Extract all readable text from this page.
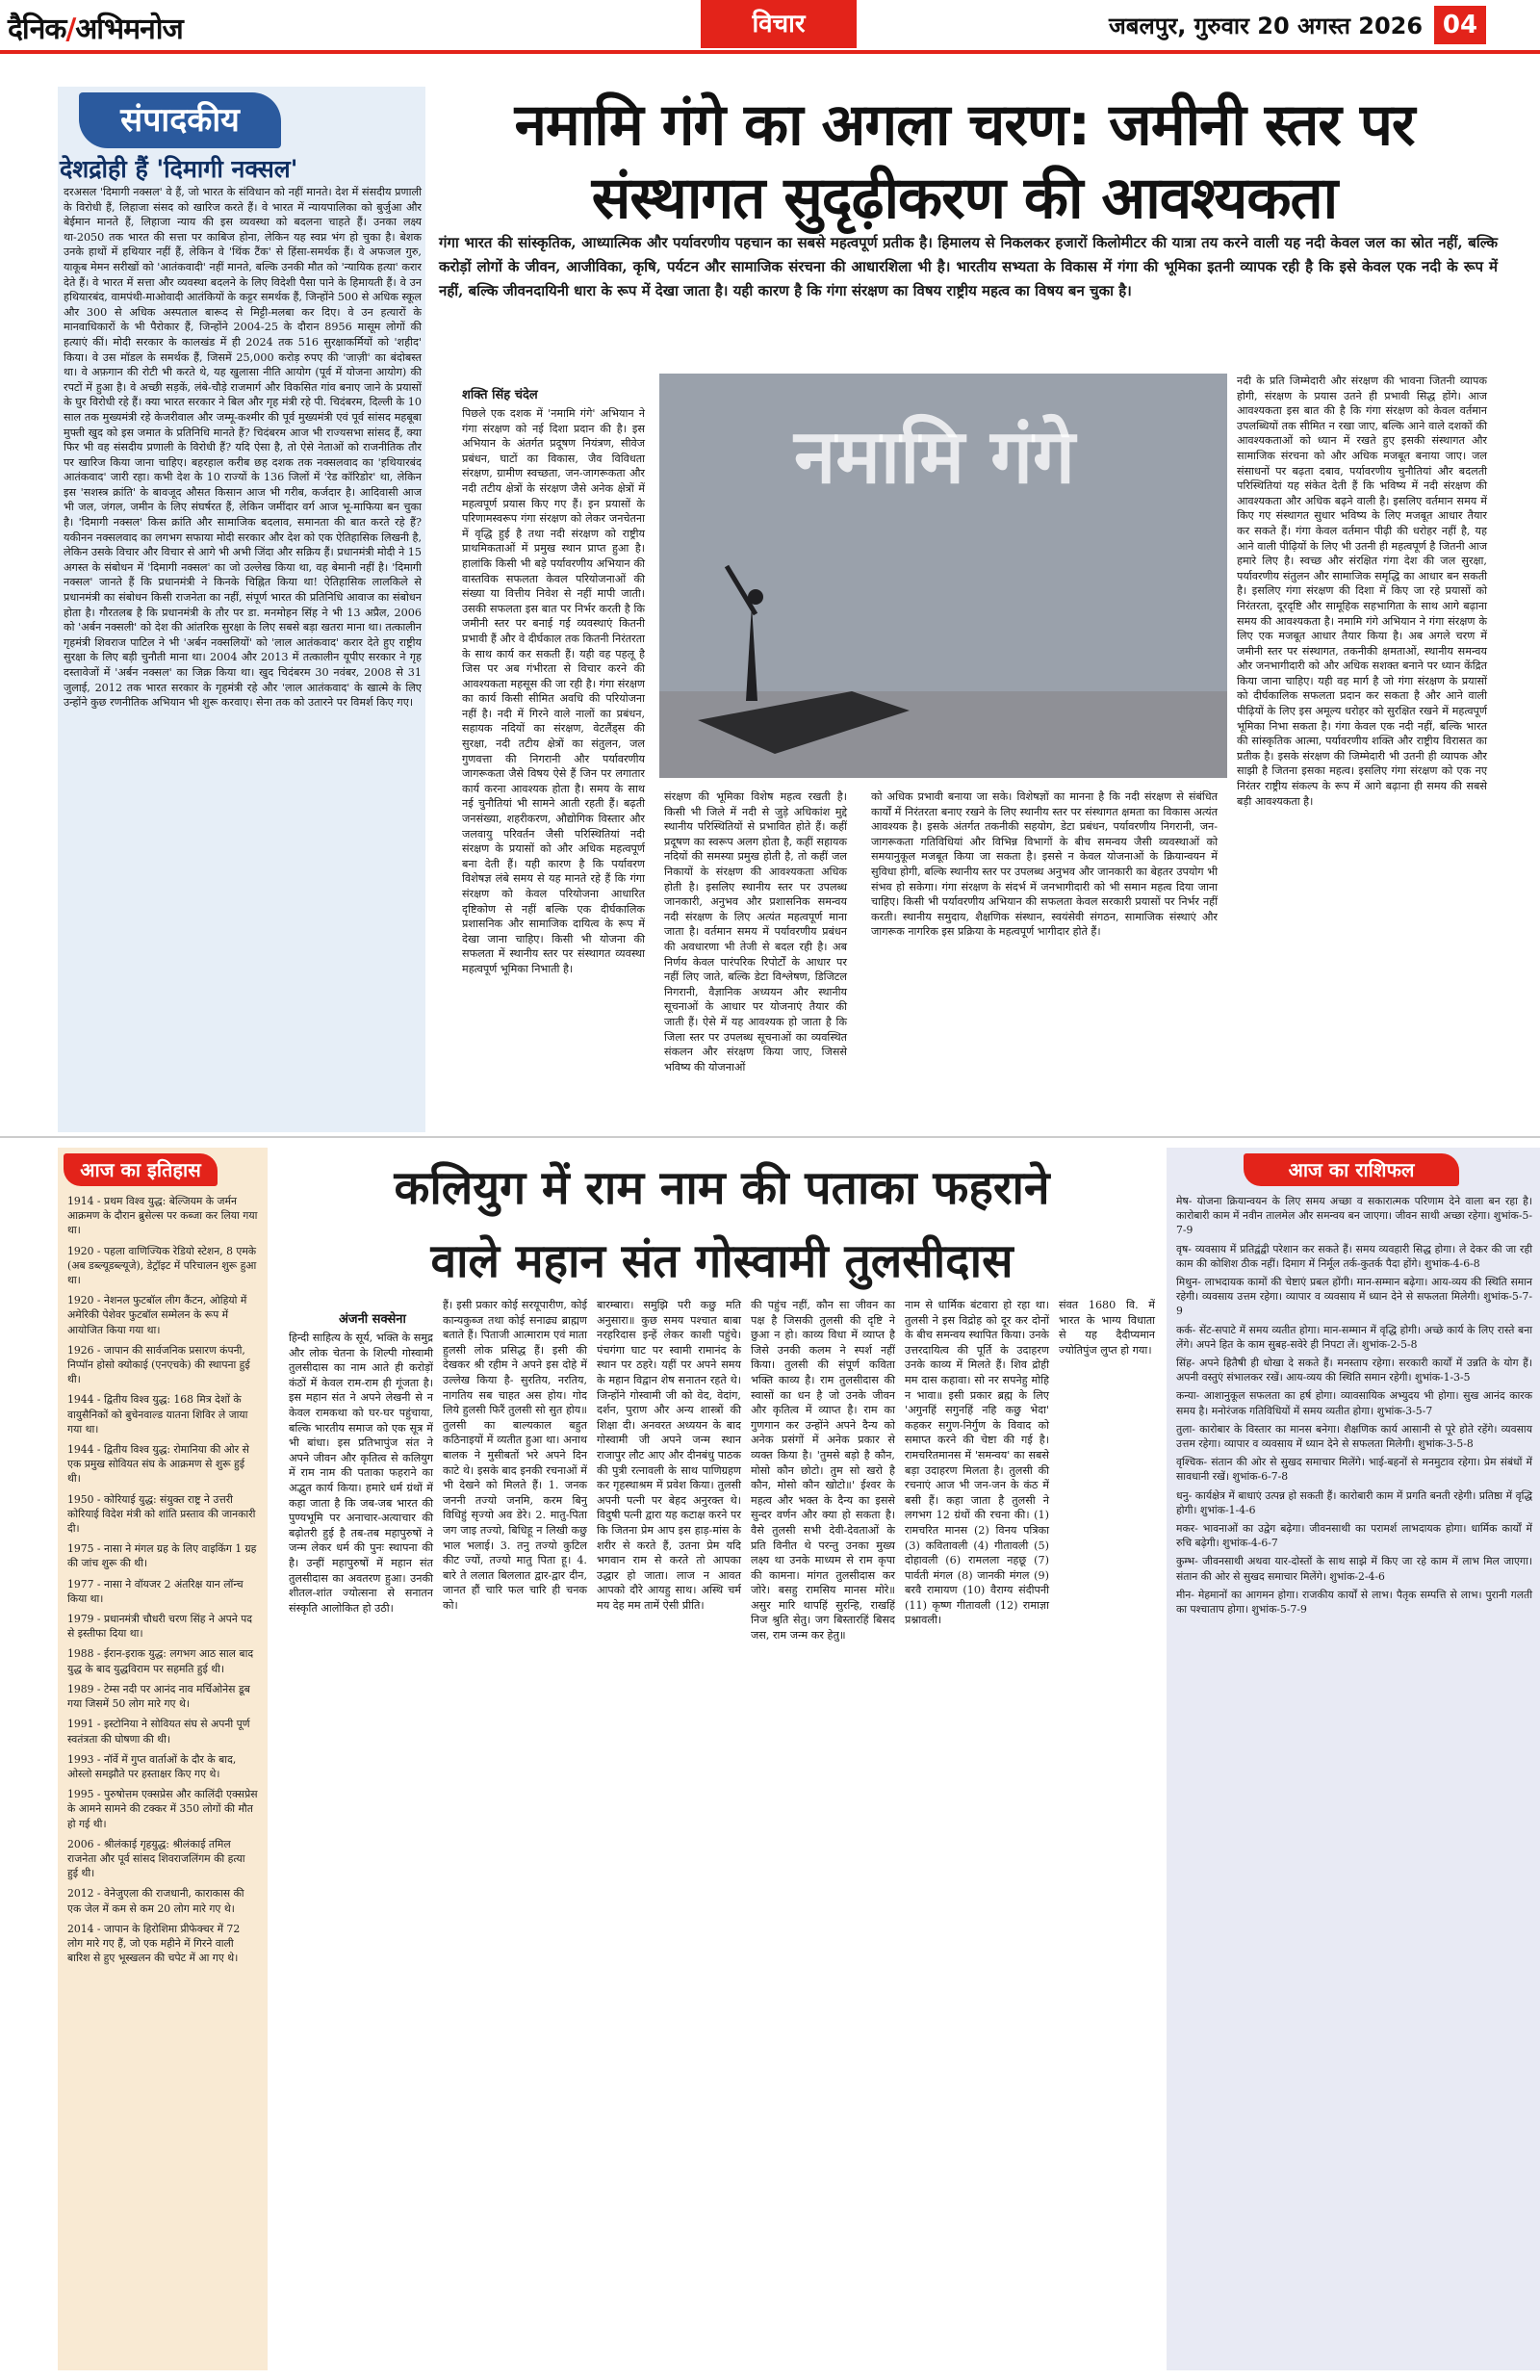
दैनिक/अभिमनोज	विचार	जबलपुर, गुरुवार 20 अगस्त 2026 04
संपादकीय
देशद्रोही हैं 'दिमागी नक्सल'

दरअसल 'दिमागी नक्सल' वे हैं, जो भारत के संविधान को नहीं मानते। देश में संसदीय प्रणाली के विरोधी हैं, लिहाजा संसद को खारिज करते हैं। वे भारत में न्यायपालिका को बुर्जुआ और बेईमान मानते हैं, लिहाजा न्याय की इस व्यवस्था को बदलना चाहते हैं। उनका लक्ष्य था-2050 तक भारत की सत्ता पर काबिज होना, लेकिन यह स्वप्न भंग हो चुका है। बेशक उनके हाथों में हथियार नहीं हैं, लेकिन वे 'थिंक टैंक' से हिंसा-समर्थक हैं। वे अफजल गुरु, याकूब मेमन सरीखों को 'आतंकवादी' नहीं मानते, बल्कि उनकी मौत को 'न्यायिक हत्या' करार देते हैं। वे भारत में सत्ता और व्यवस्था बदलने के लिए विदेशी पैसा पाने के हिमायती हैं। वे उन हथियारबंद, वामपंथी-माओवादी आतंकियों के कट्टर समर्थक हैं, जिन्होंने 500 से अधिक स्कूल और 300 से अधिक अस्पताल बारूद से मिट्टी-मलबा कर दिए। वे उन हत्यारों के मानवाधिकारों के भी पैरोकार हैं, जिन्होंने 2004-25 के दौरान 8956 मासूम लोगों की हत्याएं कीं। मोदी सरकार के कालखंड में ही 2024 तक 516 सुरक्षाकर्मियों को 'शहीद' किया। वे उस मॉडल के समर्थक हैं, जिसमें 25,000 करोड़ रुपए की 'जाज़ी' का बंदोबस्त था। वे अफ़गान की रोटी भी करते थे, यह खुलासा नीति आयोग (पूर्व में योजना आयोग) की रपटों में हुआ है। वे अच्छी सड़कें, लंबे-चौड़े राजमार्ग और विकसित गांव बनाए जाने के प्रयासों के घुर विरोधी रहे हैं। क्या भारत सरकार ने बिल और गृह मंत्री रहे पी. चिदंबरम, दिल्ली के 10 साल तक मुख्यमंत्री रहे केजरीवाल और जम्मू-कश्मीर की पूर्व मुख्यमंत्री एवं पूर्व सांसद महबूबा मुफ्ती खुद को इस जमात के प्रतिनिधि मानते हैं? चिदंबरम आज भी राज्यसभा सांसद हैं, क्या फिर भी वह संसदीय प्रणाली के विरोधी हैं? यदि ऐसा है, तो ऐसे नेताओं को राजनीतिक तौर पर खारिज किया जाना चाहिए। बहरहाल करीब छह दशक तक नक्सलवाद का 'हथियारबंद आतंकवाद' जारी रहा। कभी देश के 10 राज्यों के 136 जिलों में 'रेड कॉरिडोर' था, लेकिन इस 'सशस्त्र क्रांति' के बावजूद औसत किसान आज भी गरीब, कर्जदार है। आदिवासी आज भी जल, जंगल, जमीन के लिए संघर्षरत हैं, लेकिन जमींदार वर्ग आज भू-माफिया बन चुका है। 'दिमागी नक्सल' किस क्रांति और सामाजिक बदलाव, समानता की बात करते रहे हैं? यकीनन नक्सलवाद का लगभग सफाया मोदी सरकार और देश को एक ऐतिहासिक लिखनी है, लेकिन उसके विचार और विचार से आगे भी अभी जिंदा और सक्रिय हैं। प्रधानमंत्री मोदी ने 15 अगस्त के संबोधन में 'दिमागी नक्सल' का जो उल्लेख किया था, वह बेमानी नहीं है। 'दिमागी नक्सल' जानते हैं कि प्रधानमंत्री ने किनके चिह्नित किया था! ऐतिहासिक लालकिले से प्रधानमंत्री का संबोधन किसी राजनेता का नहीं, संपूर्ण भारत की प्रतिनिधि आवाज का संबोधन होता है। गौरतलब है कि प्रधानमंत्री के तौर पर डा. मनमोहन सिंह ने भी 13 अप्रैल, 2006 को 'अर्बन नक्सली' को देश की आंतरिक सुरक्षा के लिए सबसे बड़ा खतरा माना था। तत्कालीन गृहमंत्री शिवराज पाटिल ने भी 'अर्बन नक्सलियों' को 'लाल आतंकवाद' करार देते हुए राष्ट्रीय सुरक्षा के लिए बड़ी चुनौती माना था। 2004 और 2013 में तत्कालीन यूपीए सरकार ने गृह दस्तावेजों में 'अर्बन नक्सल' का जिक्र किया था। खुद चिदंबरम 30 नवंबर, 2008 से 31 जुलाई, 2012 तक भारत सरकार के गृहमंत्री रहे और 'लाल आतंकवाद' के खात्मे के लिए उन्होंने कुछ रणनीतिक अभियान भी शुरू करवाए। सेना तक को उतारने पर विमर्श किए गए।

नमामि गंगे का अगला चरण: जमीनी स्तर पर
संस्थागत सुदृढ़ीकरण की आवश्यकता
गंगा भारत की सांस्कृतिक, आध्यात्मिक और पर्यावरणीय पहचान का सबसे महत्वपूर्ण प्रतीक है। हिमालय से निकलकर हजारों किलोमीटर की यात्रा तय करने वाली यह नदी केवल जल का स्रोत नहीं, बल्कि करोड़ों लोगों के जीवन, आजीविका, कृषि, पर्यटन और सामाजिक संरचना की आधारशिला भी है। भारतीय सभ्यता के विकास में गंगा की भूमिका इतनी व्यापक रही है कि इसे केवल एक नदी के रूप में नहीं, बल्कि जीवनदायिनी धारा के रूप में देखा जाता है। यही कारण है कि गंगा संरक्षण का विषय राष्ट्रीय महत्व का विषय बन चुका है।
शक्ति सिंह चंदेल

पिछले एक दशक में 'नमामि गंगे' अभियान ने गंगा संरक्षण को नई दिशा प्रदान की है। इस अभियान के अंतर्गत प्रदूषण नियंत्रण, सीवेज प्रबंधन, घाटों का विकास, जैव विविधता संरक्षण, ग्रामीण स्वच्छता, जन-जागरूकता और नदी तटीय क्षेत्रों के संरक्षण जैसे अनेक क्षेत्रों में महत्वपूर्ण प्रयास किए गए हैं। इन प्रयासों के परिणामस्वरूप गंगा संरक्षण को लेकर जनचेतना में वृद्धि हुई है तथा नदी संरक्षण को राष्ट्रीय प्राथमिकताओं में प्रमुख स्थान प्राप्त हुआ है। हालांकि किसी भी बड़े पर्यावरणीय अभियान की वास्तविक सफलता केवल परियोजनाओं की संख्या या वित्तीय निवेश से नहीं मापी जाती। उसकी सफलता इस बात पर निर्भर करती है कि जमीनी स्तर पर बनाई गई व्यवस्थाएं कितनी प्रभावी हैं और वे दीर्घकाल तक कितनी निरंतरता के साथ कार्य कर सकती हैं। यही वह पहलू है जिस पर अब गंभीरता से विचार करने की आवश्यकता महसूस की जा रही है। गंगा संरक्षण का कार्य किसी सीमित अवधि की परियोजना नहीं है। नदी में गिरने वाले नालों का प्रबंधन, सहायक नदियों का संरक्षण, वेटलैंड्स की सुरक्षा, नदी तटीय क्षेत्रों का संतुलन, जल गुणवत्ता की निगरानी और पर्यावरणीय जागरूकता जैसे विषय ऐसे हैं जिन पर लगातार कार्य करना आवश्यक होता है। समय के साथ नई चुनौतियां भी सामने आती रहती हैं। बढ़ती जनसंख्या, शहरीकरण, औद्योगिक विस्तार और जलवायु परिवर्तन जैसी परिस्थितियां नदी संरक्षण के प्रयासों को और अधिक महत्वपूर्ण बना देती हैं। यही कारण है कि पर्यावरण विशेषज्ञ लंबे समय से यह मानते रहे हैं कि गंगा संरक्षण को केवल परियोजना आधारित दृष्टिकोण से नहीं बल्कि एक दीर्घकालिक प्रशासनिक और सामाजिक दायित्व के रूप में देखा जाना चाहिए। किसी भी योजना की सफलता में स्थानीय स्तर पर संस्थागत व्यवस्था महत्वपूर्ण भूमिका निभाती है।

नमामि गंगे

संरक्षण की भूमिका विशेष महत्व रखती है। किसी भी जिले में नदी से जुड़े अधिकांश मुद्दे स्थानीय परिस्थितियों से प्रभावित होते हैं। कहीं प्रदूषण का स्वरूप अलग होता है, कहीं सहायक नदियों की समस्या प्रमुख होती है, तो कहीं जल निकायों के संरक्षण की आवश्यकता अधिक होती है। इसलिए स्थानीय स्तर पर उपलब्ध जानकारी, अनुभव और प्रशासनिक समन्वय नदी संरक्षण के लिए अत्यंत महत्वपूर्ण माना जाता है। वर्तमान समय में पर्यावरणीय प्रबंधन की अवधारणा भी तेजी से बदल रही है। अब निर्णय केवल पारंपरिक रिपोर्टों के आधार पर नहीं लिए जाते, बल्कि डेटा विश्लेषण, डिजिटल निगरानी, वैज्ञानिक अध्ययन और स्थानीय सूचनाओं के आधार पर योजनाएं तैयार की जाती हैं। ऐसे में यह आवश्यक हो जाता है कि जिला स्तर पर उपलब्ध सूचनाओं का व्यवस्थित संकलन और संरक्षण किया जाए, जिससे भविष्य की योजनाओं

को अधिक प्रभावी बनाया जा सके। विशेषज्ञों का मानना है कि नदी संरक्षण से संबंधित कार्यों में निरंतरता बनाए रखने के लिए स्थानीय स्तर पर संस्थागत क्षमता का विकास अत्यंत आवश्यक है। इसके अंतर्गत तकनीकी सहयोग, डेटा प्रबंधन, पर्यावरणीय निगरानी, जन-जागरूकता गतिविधियां और विभिन्न विभागों के बीच समन्वय जैसी व्यवस्थाओं को समयानुकूल मजबूत किया जा सकता है। इससे न केवल योजनाओं के क्रियान्वयन में सुविधा होगी, बल्कि स्थानीय स्तर पर उपलब्ध अनुभव और जानकारी का बेहतर उपयोग भी संभव हो सकेगा। गंगा संरक्षण के संदर्भ में जनभागीदारी को भी समान महत्व दिया जाना चाहिए। किसी भी पर्यावरणीय अभियान की सफलता केवल सरकारी प्रयासों पर निर्भर नहीं करती। स्थानीय समुदाय, शैक्षणिक संस्थान, स्वयंसेवी संगठन, सामाजिक संस्थाएं और जागरूक नागरिक इस प्रक्रिया के महत्वपूर्ण भागीदार होते हैं।

नदी के प्रति जिम्मेदारी और संरक्षण की भावना जितनी व्यापक होगी, संरक्षण के प्रयास उतने ही प्रभावी सिद्ध होंगे। आज आवश्यकता इस बात की है कि गंगा संरक्षण को केवल वर्तमान उपलब्धियों तक सीमित न रखा जाए, बल्कि आने वाले दशकों की आवश्यकताओं को ध्यान में रखते हुए इसकी संस्थागत और सामाजिक संरचना को और अधिक मजबूत बनाया जाए। जल संसाधनों पर बढ़ता दबाव, पर्यावरणीय चुनौतियां और बदलती परिस्थितियां यह संकेत देती हैं कि भविष्य में नदी संरक्षण की आवश्यकता और अधिक बढ़ने वाली है। इसलिए वर्तमान समय में किए गए संस्थागत सुधार भविष्य के लिए मजबूत आधार तैयार कर सकते हैं। गंगा केवल वर्तमान पीढ़ी की धरोहर नहीं है, यह आने वाली पीढ़ियों के लिए भी उतनी ही महत्वपूर्ण है जितनी आज हमारे लिए है। स्वच्छ और संरक्षित गंगा देश की जल सुरक्षा, पर्यावरणीय संतुलन और सामाजिक समृद्धि का आधार बन सकती है। इसलिए गंगा संरक्षण की दिशा में किए जा रहे प्रयासों को निरंतरता, दूरदृष्टि और सामूहिक सहभागिता के साथ आगे बढ़ाना समय की आवश्यकता है। नमामि गंगे अभियान ने गंगा संरक्षण के लिए एक मजबूत आधार तैयार किया है। अब अगले चरण में जमीनी स्तर पर संस्थागत, तकनीकी क्षमताओं, स्थानीय समन्वय और जनभागीदारी को और अधिक सशक्त बनाने पर ध्यान केंद्रित किया जाना चाहिए। यही वह मार्ग है जो गंगा संरक्षण के प्रयासों को दीर्घकालिक सफलता प्रदान कर सकता है और आने वाली पीढ़ियों के लिए इस अमूल्य धरोहर को सुरक्षित रखने में महत्वपूर्ण भूमिका निभा सकता है। गंगा केवल एक नदी नहीं, बल्कि भारत की सांस्कृतिक आत्मा, पर्यावरणीय शक्ति और राष्ट्रीय विरासत का प्रतीक है। इसके संरक्षण की जिम्मेदारी भी उतनी ही व्यापक और साझी है जितना इसका महत्व। इसलिए गंगा संरक्षण को एक नए निरंतर राष्ट्रीय संकल्प के रूप में आगे बढ़ाना ही समय की सबसे बड़ी आवश्यकता है।

आज का इतिहास

1914 - प्रथम विश्व युद्ध: बेल्जियम के जर्मन आक्रमण के दौरान ब्रुसेल्स पर कब्जा कर लिया गया था।

1920 - पहला वाणिज्यिक रेडियो स्टेशन, 8 एमके (अब डब्ल्यूडब्ल्यूजे), डेट्रॉइट में परिचालन शुरू हुआ था।

1920 - नेशनल फुटबॉल लीग कैंटन, ओहियो में अमेरिकी पेशेवर फुटबॉल सम्मेलन के रूप में आयोजित किया गया था।

1926 - जापान की सार्वजनिक प्रसारण कंपनी, निप्पॉन होसो क्योकाई (एनएचके) की स्थापना हुई थी।

1944 - द्वितीय विश्व युद्ध: 168 मित्र देशों के वायुसैनिकों को बुचेनवाल्ड यातना शिविर ले जाया गया था।

1944 - द्वितीय विश्व युद्ध: रोमानिया की ओर से एक प्रमुख सोवियत संघ के आक्रमण से शुरू हुई थी।

1950 - कोरियाई युद्ध: संयुक्त राष्ट्र ने उत्तरी कोरियाई विदेश मंत्री को शांति प्रस्ताव की जानकारी दी।

1975 - नासा ने मंगल ग्रह के लिए वाइकिंग 1 ग्रह की जांच शुरू की थी।

1977 - नासा ने वॉयजर 2 अंतरिक्ष यान लॉन्च किया था।

1979 - प्रधानमंत्री चौधरी चरण सिंह ने अपने पद से इस्तीफा दिया था।

1988 - ईरान-इराक युद्ध: लगभग आठ साल बाद युद्ध के बाद युद्धविराम पर सहमति हुई थी।

1989 - टेम्स नदी पर आनंद नाव मर्चिओनेस डूब गया जिसमें 50 लोग मारे गए थे।

1991 - इस्टोनिया ने सोवियत संघ से अपनी पूर्ण स्वतंत्रता की घोषणा की थी।

1993 - नॉर्वे में गुप्त वार्ताओं के दौर के बाद, ओस्लो समझौते पर हस्ताक्षर किए गए थे।

1995 - पुरुषोत्तम एक्सप्रेस और कालिंदी एक्सप्रेस के आमने सामने की टक्कर में 350 लोगों की मौत हो गई थी।

2006 - श्रीलंकाई गृहयुद्ध: श्रीलंकाई तमिल राजनेता और पूर्व सांसद शिवराजलिंगम की हत्या हुई थी।

2012 - वेनेजुएला की राजधानी, काराकास की एक जेल में कम से कम 20 लोग मारे गए थे।

2014 - जापान के हिरोशिमा प्रीफेक्चर में 72 लोग मारे गए हैं, जो एक महीने में गिरने वाली बारिश से हुए भूस्खलन की चपेट में आ गए थे।

कलियुग में राम नाम की पताका फहराने
वाले महान संत गोस्वामी तुलसीदास
अंजनी सक्सेना

हिन्दी साहित्य के सूर्य, भक्ति के समुद्र और लोक चेतना के शिल्पी गोस्वामी तुलसीदास का नाम आते ही करोड़ों कंठों में केवल राम-राम ही गूंजता है। इस महान संत ने अपने लेखनी से न केवल रामकथा को घर-घर पहुंचाया, बल्कि भारतीय समाज को एक सूत्र में भी बांधा। इस प्रतिभापुंज संत ने अपने जीवन और कृतित्व से कलियुग में राम नाम की पताका फहराने का अद्भुत कार्य किया। हमारे धर्म ग्रंथों में कहा जाता है कि जब-जब भारत की पुण्यभूमि पर अनाचार-अत्याचार की बढ़ोतरी हुई है तब-तब महापुरुषों ने जन्म लेकर धर्म की पुनः स्थापना की है। उन्हीं महापुरुषों में महान संत तुलसीदास का अवतरण हुआ। उनकी शीतल-शांत ज्योत्सना से सनातन संस्कृति आलोकित हो उठी।

हैं। इसी प्रकार कोई सरयूपारीण, कोई कान्यकुब्ज तथा कोई सनाढ्य ब्राह्मण बताते हैं। पिताजी आत्माराम एवं माता हुलसी लोक प्रसिद्ध हैं। इसी की देखकर श्री रहीम ने अपने इस दोहे में उल्लेख किया है- सुरतिय, नरतिय, नागतिय सब चाहत अस होय। गोद लिये हुलसी फिरैं तुलसी सो सुत होय॥ तुलसी का बाल्यकाल बहुत कठिनाइयों में व्यतीत हुआ था। अनाथ बालक ने मुसीबतों भरे अपने दिन काटे थे। इसके बाद इनकी रचनाओं में भी देखने को मिलते हैं। 1. जनक जननी तज्यो जनमि, करम बिनु विधिहुं सृज्यो अव डेरे। 2. मातु-पिता जग जाइ तज्यो, बिधिहू न लिखी कछु भाल भलाई। 3. तनु तज्यो कुटिल कीट ज्यों, तज्यो मातु पिता हू। 4. बारे ते ललात बिललात द्वार-द्वार दीन, जानत हौं चारि फल चारि ही चनक को।

बारम्बारा। समुझि परी कछु मति अनुसारा॥ कुछ समय पश्चात बाबा नरहरिदास इन्हें लेकर काशी पहुंचे। पंचगंगा घाट पर स्वामी रामानंद के स्थान पर ठहरे। यहीं पर अपने समय के महान विद्वान शेष सनातन रहते थे। जिन्होंने गोस्वामी जी को वेद, वेदांग, दर्शन, पुराण और अन्य शास्त्रों की शिक्षा दी। अनवरत अध्ययन के बाद गोस्वामी जी अपने जन्म स्थान राजापुर लौट आए और दीनबंधु पाठक की पुत्री रत्नावली के साथ पाणिग्रहण कर गृहस्थाश्रम में प्रवेश किया। तुलसी अपनी पत्नी पर बेहद अनुरक्त थे। विदुषी पत्नी द्वारा यह कटाक्ष करने पर कि जितना प्रेम आप इस हाड़-मांस के शरीर से करते हैं, उतना प्रेम यदि भगवान राम से करते तो आपका उद्धार हो जाता। लाज न आवत आपको दौरे आयहु साथ। अस्थि चर्म मय देह मम तामें ऐसी प्रीति।

की पहुंच नहीं, कौन सा जीवन का पक्ष है जिसकी तुलसी की दृष्टि ने छुआ न हो। काव्य विधा में व्याप्त है जिसे उनकी कलम ने स्पर्श नहीं किया। तुलसी की संपूर्ण कविता भक्ति काव्य है। राम तुलसीदास की स्वासों का धन है जो उनके जीवन और कृतित्व में व्याप्त है। राम का गुणगान कर उन्होंने अपने दैन्य को अनेक प्रसंगों में अनेक प्रकार से व्यक्त किया है। 'तुमसे बड़ो है कौन, मोसो कौन छोटो। तुम सो खरो है कौन, मोसो कौन खोटो॥' ईश्वर के महत्व और भक्त के दैन्य का इससे सुन्दर वर्णन और क्या हो सकता है। वैसे तुलसी सभी देवी-देवताओं के प्रति विनीत थे परन्तु उनका मुख्य लक्ष्य था उनके माध्यम से राम कृपा की कामना। मांगत तुलसीदास कर जोरे। बसहु रामसिय मानस मोरे॥ असुर मारि थापहिं सुरन्हि, राखहिं निज श्रुति सेतु। जग बिस्तारहिं बिसद जस, राम जन्म कर हेतु॥

नाम से धार्मिक बंटवारा हो रहा था। तुलसी ने इस विद्रोह को दूर कर दोनों के बीच समन्वय स्थापित किया। उनके उत्तरदायित्व की पूर्ति के उदाहरण उनके काव्य में मिलते हैं। शिव द्रोही मम दास कहावा। सो नर सपनेहु मोहि न भावा॥ इसी प्रकार ब्रह्म के लिए 'अगुनहिं सगुनहिं नहि कछु भेदा' कहकर सगुण-निर्गुण के विवाद को समाप्त करने की चेष्टा की गई है। रामचरितमानस में 'समन्वय' का सबसे बड़ा उदाहरण मिलता है। तुलसी की रचनाएं आज भी जन-जन के कंठ में बसी हैं। कहा जाता है तुलसी ने लगभग 12 ग्रंथों की रचना की। (1) रामचरित मानस (2) विनय पत्रिका (3) कवितावली (4) गीतावली (5) दोहावली (6) रामलला नहछू (7) पार्वती मंगल (8) जानकी मंगल (9) बरवै रामायण (10) वैराग्य संदीपनी (11) कृष्ण गीतावली (12) रामाज्ञा प्रश्नावली।

संवत 1680 वि. में भारत के भाग्य विधाता से यह दैदीप्यमान ज्योतिपुंज लुप्त हो गया।

आज का राशिफल

मेष- योजना क्रियान्वयन के लिए समय अच्छा व सकारात्मक परिणाम देने वाला बन रहा है। कारोबारी काम में नवीन तालमेल और समन्वय बन जाएगा। जीवन साथी अच्छा रहेगा। शुभांक-5-7-9

वृष- व्यवसाय में प्रतिद्वंद्वी परेशान कर सकते हैं। समय व्यवहारी सिद्ध होगा। ले देकर की जा रही काम की कोशिश ठीक नहीं। दिमाग में निर्मूल तर्क-कुतर्क पैदा होंगे। शुभांक-4-6-8

मिथुन- लाभदायक कामों की चेष्टाएं प्रबल होंगी। मान-सम्मान बढ़ेगा। आय-व्यय की स्थिति समान रहेगी। व्यवसाय उत्तम रहेगा। व्यापार व व्यवसाय में ध्यान देने से सफलता मिलेगी। शुभांक-5-7-9

कर्क- सेंट-सपाटे में समय व्यतीत होगा। मान-सम्मान में वृद्धि होगी। अच्छे कार्य के लिए रास्ते बना लेंगे। अपने हित के काम सुबह-सवेरे ही निपटा लें। शुभांक-2-5-8

सिंह- अपने हितैषी ही धोखा दे सकते हैं। मनस्ताप रहेगा। सरकारी कार्यों में उन्नति के योग हैं। अपनी वस्तुएं संभालकर रखें। आय-व्यय की स्थिति समान रहेगी। शुभांक-1-3-5

कन्या- आशानुकूल सफलता का हर्ष होगा। व्यावसायिक अभ्युदय भी होगा। सुख आनंद कारक समय है। मनोरंजक गतिविधियों में समय व्यतीत होगा। शुभांक-3-5-7

तुला- कारोबार के विस्तार का मानस बनेगा। शैक्षणिक कार्य आसानी से पूरे होते रहेंगे। व्यवसाय उत्तम रहेगा। व्यापार व व्यवसाय में ध्यान देने से सफलता मिलेगी। शुभांक-3-5-8

वृश्चिक- संतान की ओर से सुखद समाचार मिलेंगे। भाई-बहनों से मनमुटाव रहेगा। प्रेम संबंधों में सावधानी रखें। शुभांक-6-7-8

धनु- कार्यक्षेत्र में बाधाएं उत्पन्न हो सकती हैं। कारोबारी काम में प्रगति बनती रहेगी। प्रतिष्ठा में वृद्धि होगी। शुभांक-1-4-6

मकर- भावनाओं का उद्वेग बढ़ेगा। जीवनसाथी का परामर्श लाभदायक होगा। धार्मिक कार्यों में रुचि बढ़ेगी। शुभांक-4-6-7

कुम्भ- जीवनसाथी अथवा यार-दोस्तों के साथ साझे में किए जा रहे काम में लाभ मिल जाएगा। संतान की ओर से सुखद समाचार मिलेंगे। शुभांक-2-4-6

मीन- मेहमानों का आगमन होगा। राजकीय कार्यों से लाभ। पैतृक सम्पत्ति से लाभ। पुरानी गलती का पश्चाताप होगा। शुभांक-5-7-9
